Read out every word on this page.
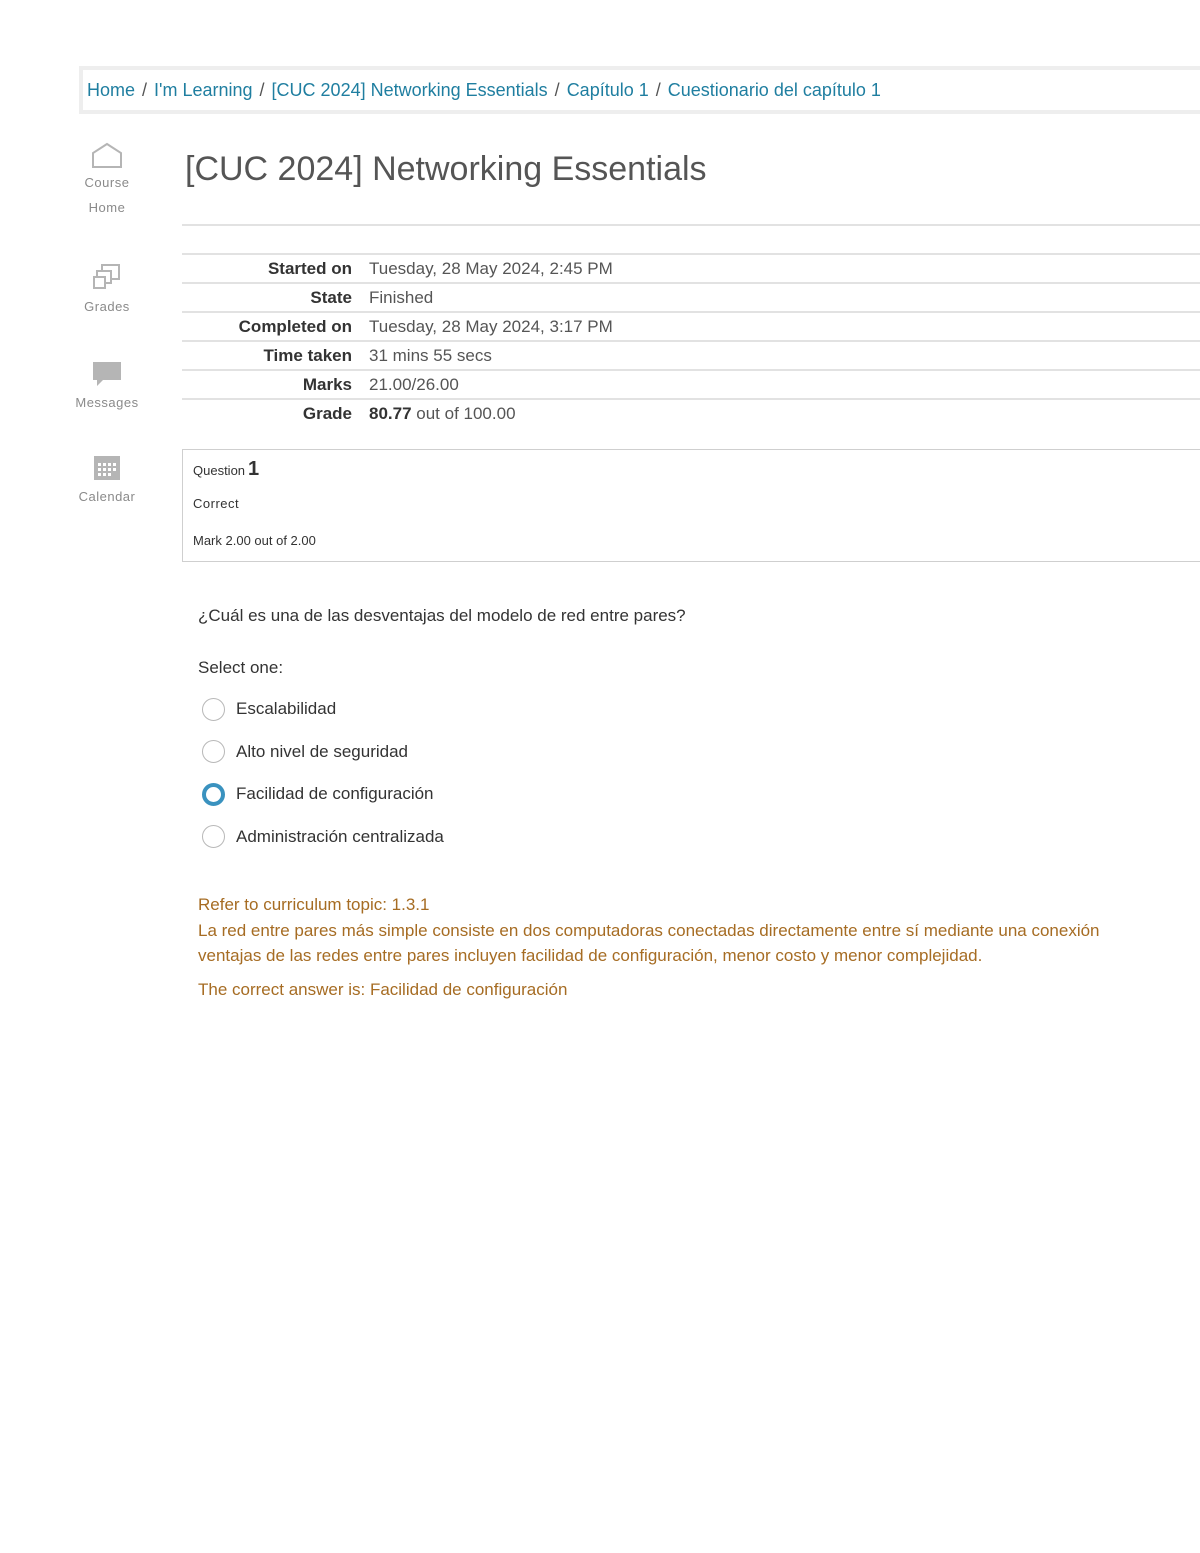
Home / I'm Learning / [CUC 2024] Networking Essentials / Capítulo 1 / Cuestionario del capítulo 1
Course
Home
Grades
Messages
Calendar
[CUC 2024] Networking Essentials
Started on	Tuesday, 28 May 2024, 2:45 PM
State	Finished
Completed on	Tuesday, 28 May 2024, 3:17 PM
Time taken	31 mins 55 secs
Marks	21.00/26.00
Grade	80.77 out of 100.00
Question 1
Correct
Mark 2.00 out of 2.00
¿Cuál es una de las desventajas del modelo de red entre pares?
Select one:
Escalabilidad
Alto nivel de seguridad
Facilidad de configuración
Administración centralizada
Refer to curriculum topic: 1.3.1
La red entre pares más simple consiste en dos computadoras conectadas directamente entre sí mediante una conexión
ventajas de las redes entre pares incluyen facilidad de configuración, menor costo y menor complejidad.
The correct answer is: Facilidad de configuración
